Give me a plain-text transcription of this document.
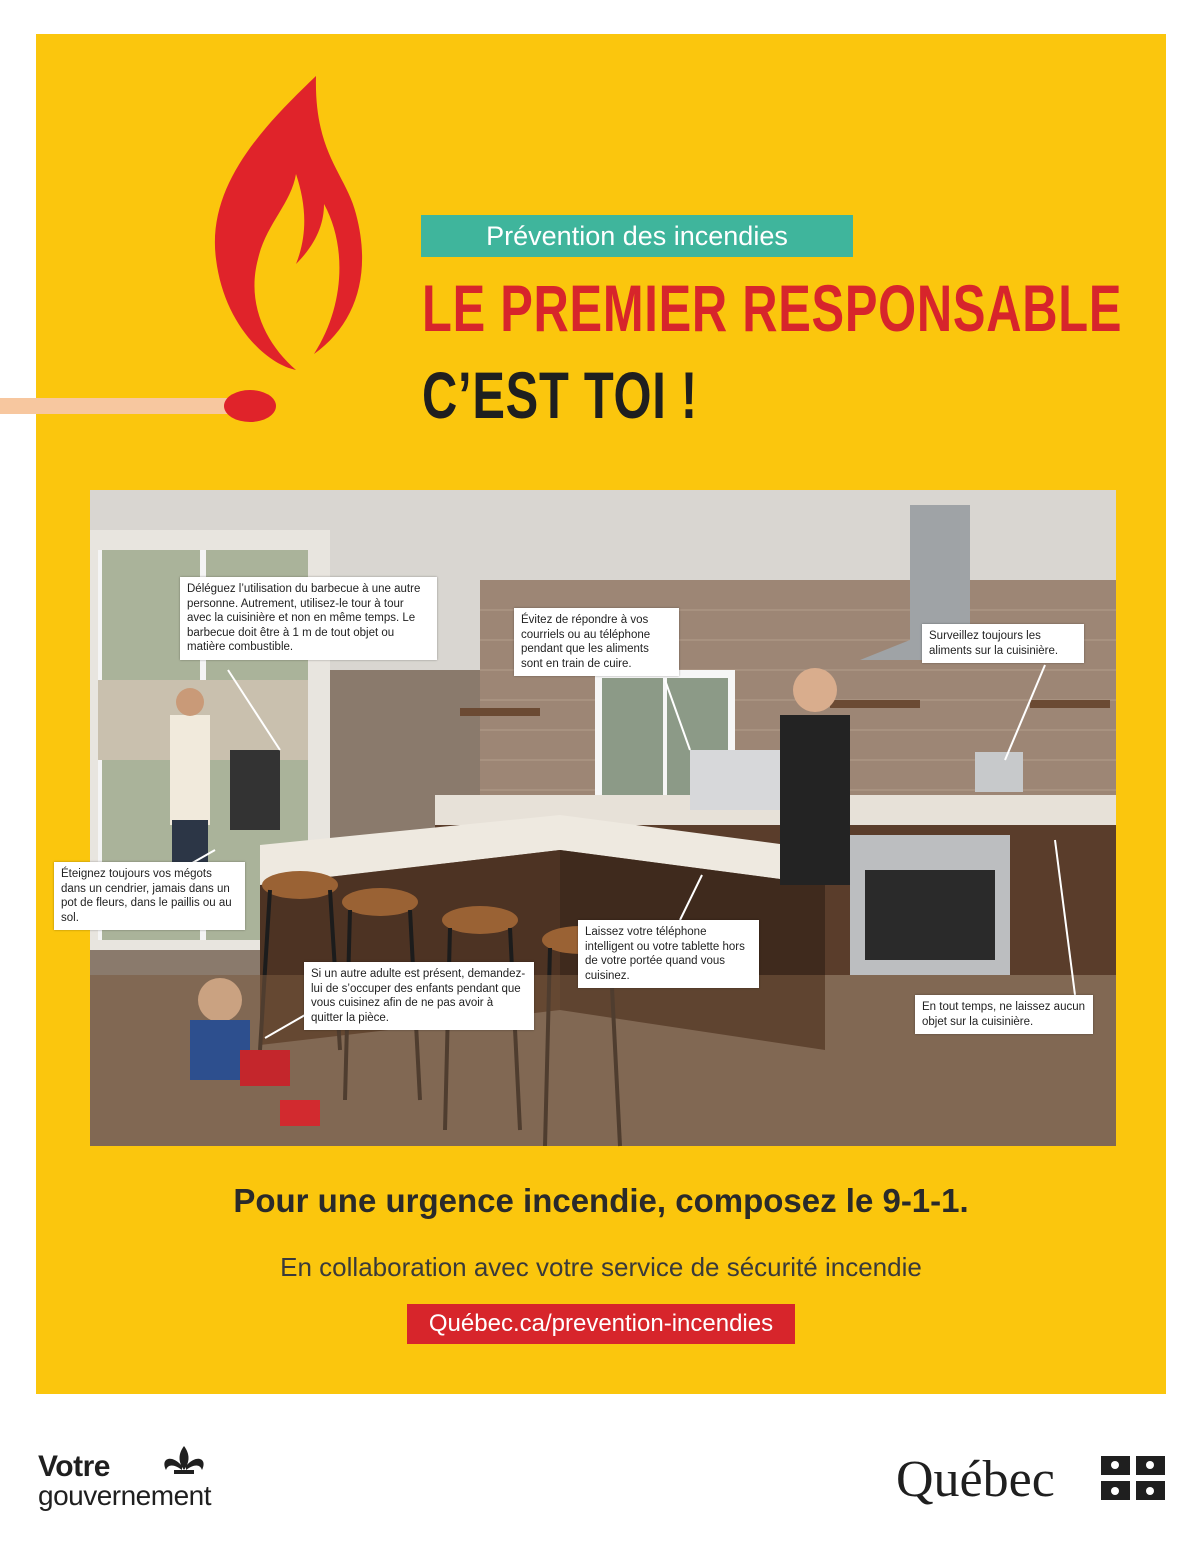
Prévention des incendies
LE PREMIER RESPONSABLE
C’EST TOI !
Déléguez l’utilisation du barbecue à une autre personne. Autrement, utilisez-le tour à tour avec la cuisinière et non en même temps. Le barbecue doit être à 1 m de tout objet ou matière combustible.
Évitez de répondre à vos courriels ou au téléphone pendant que les aliments sont en train de cuire.
Surveillez toujours les aliments sur la cuisinière.
Éteignez toujours vos mégots dans un cendrier, jamais dans un pot de fleurs, dans le paillis ou au sol.
Laissez votre téléphone intelligent ou votre tablette hors de votre portée quand vous cuisinez.
Si un autre adulte est présent, demandez-lui de s’occuper des enfants pendant que vous cuisinez afin de ne pas avoir à quitter la pièce.
En tout temps, ne laissez aucun objet sur la cuisinière.

Pour une urgence incendie, composez le 9-1-1.

En collaboration avec votre service de sécurité incendie

Québec.ca/prevention-incendies
Votre
gouvernement	Québec
